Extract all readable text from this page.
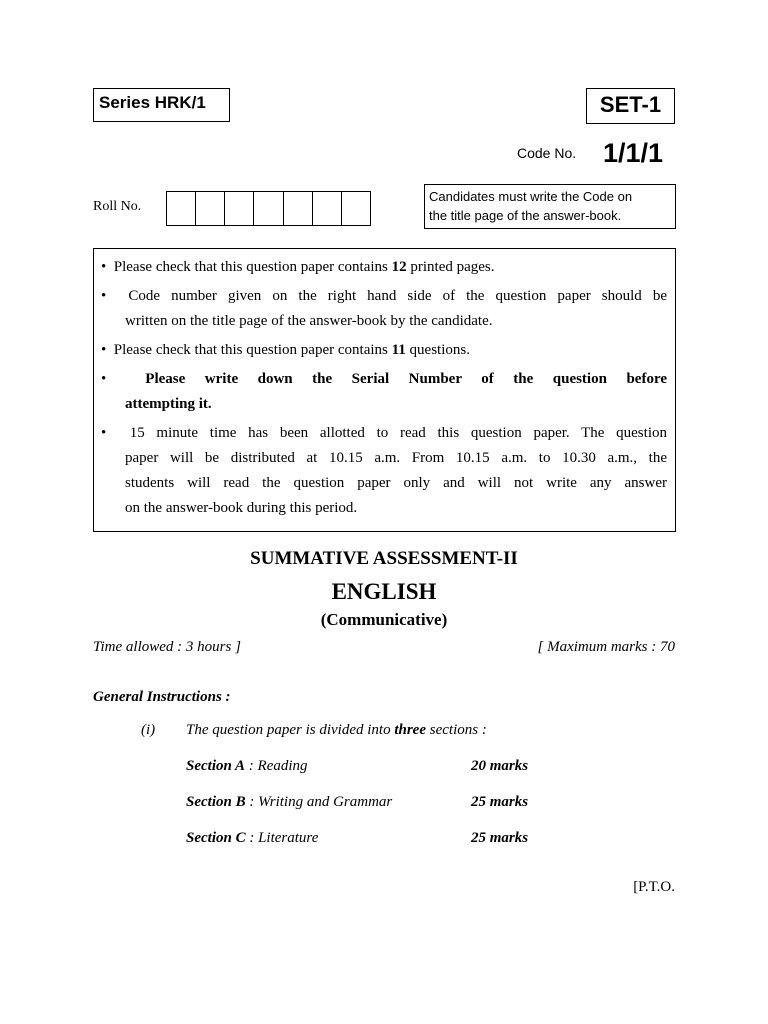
Series HRK/1	SET-1
Code No. 1/1/1
Roll No.
Candidates must write the Code on
the title page of the answer-book.
•  Please check that this question paper contains 12 printed pages.
•  Code number given on the right hand side of the question paper should be
written on the title page of the answer-book by the candidate.
•  Please check that this question paper contains 11 questions.
•	Please write down the Serial Number of the question before
attempting it.
•  15 minute time has been allotted to read this question paper. The question
paper will be distributed at 10.15 a.m. From 10.15 a.m. to 10.30 a.m., the
students will read the question paper only and will not write any answer
on the answer-book during this period.
SUMMATIVE ASSESSMENT-II
ENGLISH
(Communicative)
Time allowed : 3 hours ]	[ Maximum marks : 70
General Instructions :
(i) The question paper is divided into three sections :
Section A : Reading	20 marks
Section B : Writing and Grammar	25 marks
Section C : Literature	25 marks
[P.T.O.
